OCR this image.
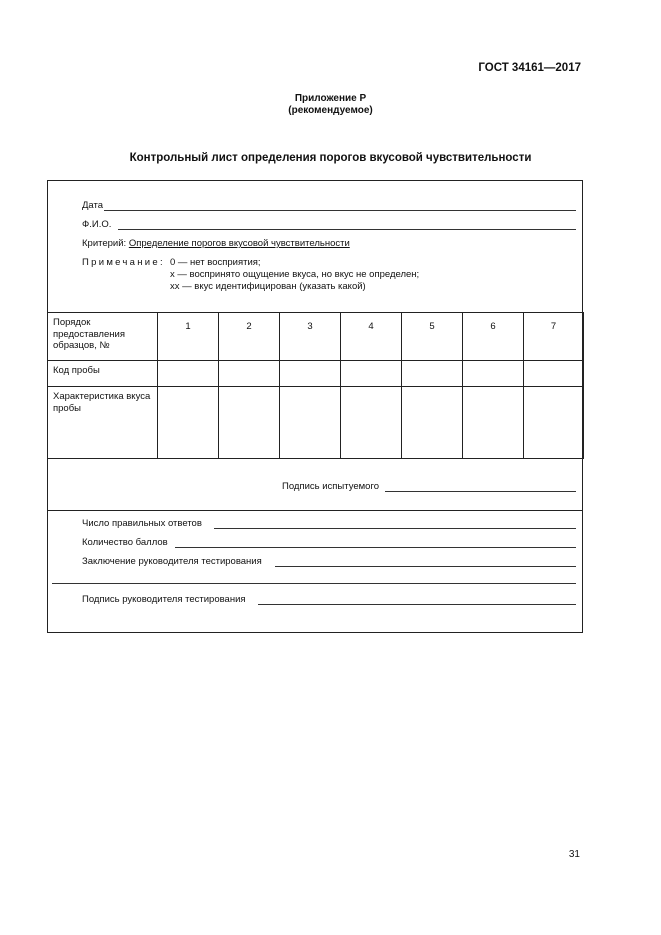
ГОСТ 34161—2017
Приложение Р
(рекомендуемое)
Контрольный лист определения порогов вкусовой чувствительности
Дата
Ф.И.О.
Критерий: Определение порогов вкусовой чувствительности
Примечание: 0 — нет восприятия;
х — воспринято ощущение вкуса, но вкус не определен;
хх — вкус идентифицирован (указать какой)
Порядок предоставления образцов, №	1	2	3	4	5	6	7
Код пробы							
Характеристика вкуса пробы							
Подпись испытуемого
Число правильных ответов
Количество баллов
Заключение руководителя тестирования
Подпись руководителя тестирования
31
